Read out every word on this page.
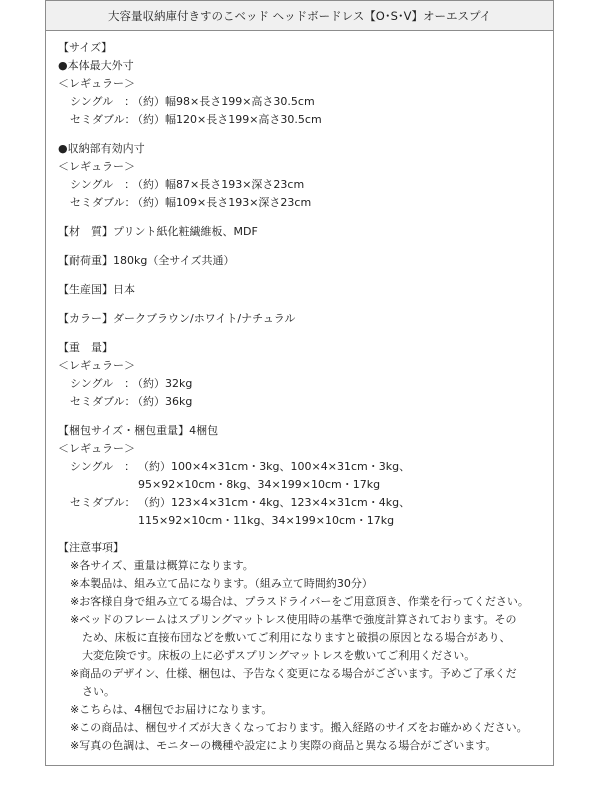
大容量収納庫付きすのこベッド ヘッドボードレス【O･S･V】オーエスプイ
【サイズ】
●本体最大外寸
＜レギュラー＞
シングル　：
（約）幅98×長さ199×高さ30.5cm
セミダブル：
（約）幅120×長さ199×高さ30.5cm
●収納部有効内寸
＜レギュラー＞
シングル　：
（約）幅87×長さ193×深さ23cm
セミダブル：
（約）幅109×長さ193×深さ23cm
【材　質】プリント紙化粧繊維板、MDF
【耐荷重】180kg（全サイズ共通）
【生産国】日本
【カラー】ダークブラウン/ホワイト/ナチュラル
【重　量】
＜レギュラー＞
シングル　：
（約）32kg
セミダブル：
（約）36kg
【梱包サイズ・梱包重量】4梱包
＜レギュラー＞
シングル　： （約）100×4×31cm・3kg、100×4×31cm・3kg、
95×92×10cm・8kg、34×199×10cm・17kg
セミダブル： （約）123×4×31cm・4kg、123×4×31cm・4kg、
115×92×10cm・11kg、34×199×10cm・17kg
【注意事項】
※各サイズ、重量は概算になります。
※本製品は、組み立て品になります。（組み立て時間約30分）
※お客様自身で組み立てる場合は、プラスドライバーをご用意頂き、作業を行ってください。
※ベッドのフレームはスプリングマットレス使用時の基準で強度計算されております。その
ため、床板に直接布団などを敷いてご利用になりますと破損の原因となる場合があり、
大変危険です。床板の上に必ずスプリングマットレスを敷いてご利用ください。
※商品のデザイン、仕様、梱包は、予告なく変更になる場合がございます。予めご了承くだ
さい。
※こちらは、4梱包でお届けになります。
※この商品は、梱包サイズが大きくなっております。搬入経路のサイズをお確かめください。
※写真の色調は、モニターの機種や設定により実際の商品と異なる場合がございます。
